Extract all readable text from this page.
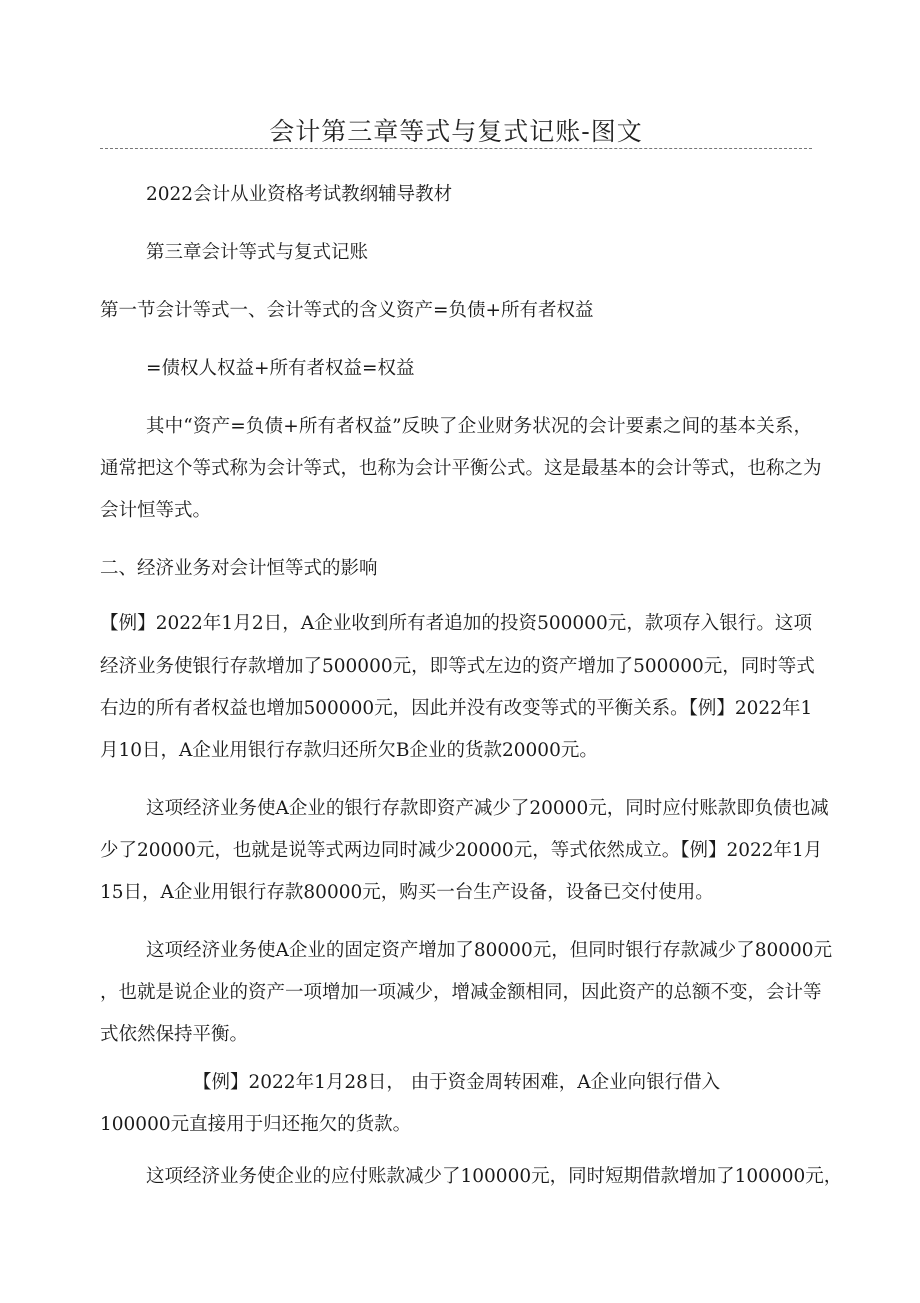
会计第三章等式与复式记账-图文
2022会计从业资格考试教纲辅导教材
第三章会计等式与复式记账
第一节会计等式一、会计等式的含义资产=负债+所有者权益
=债权人权益+所有者权益=权益
其中“资产=负债+所有者权益”反映了企业财务状况的会计要素之间的基本关系，
通常把这个等式称为会计等式，也称为会计平衡公式。这是最基本的会计等式，也称之为
会计恒等式。
二、经济业务对会计恒等式的影响
【例】2022年1月2日，A企业收到所有者追加的投资500000元，款项存入银行。这项
经济业务使银行存款增加了500000元，即等式左边的资产增加了500000元，同时等式
右边的所有者权益也增加500000元，因此并没有改变等式的平衡关系。【例】2022年1
月10日，A企业用银行存款归还所欠B企业的货款20000元。
这项经济业务使A企业的银行存款即资产减少了20000元，同时应付账款即负债也减
少了20000元，也就是说等式两边同时减少20000元，等式依然成立。【例】2022年1月
15日，A企业用银行存款80000元，购买一台生产设备，设备已交付使用。
这项经济业务使A企业的固定资产增加了80000元，但同时银行存款减少了80000元
，也就是说企业的资产一项增加一项减少，增减金额相同，因此资产的总额不变，会计等
式依然保持平衡。
【例】2022年1月28日， 由于资金周转困难，A企业向银行借入
100000元直接用于归还拖欠的货款。
这项经济业务使企业的应付账款减少了100000元，同时短期借款增加了100000元，
